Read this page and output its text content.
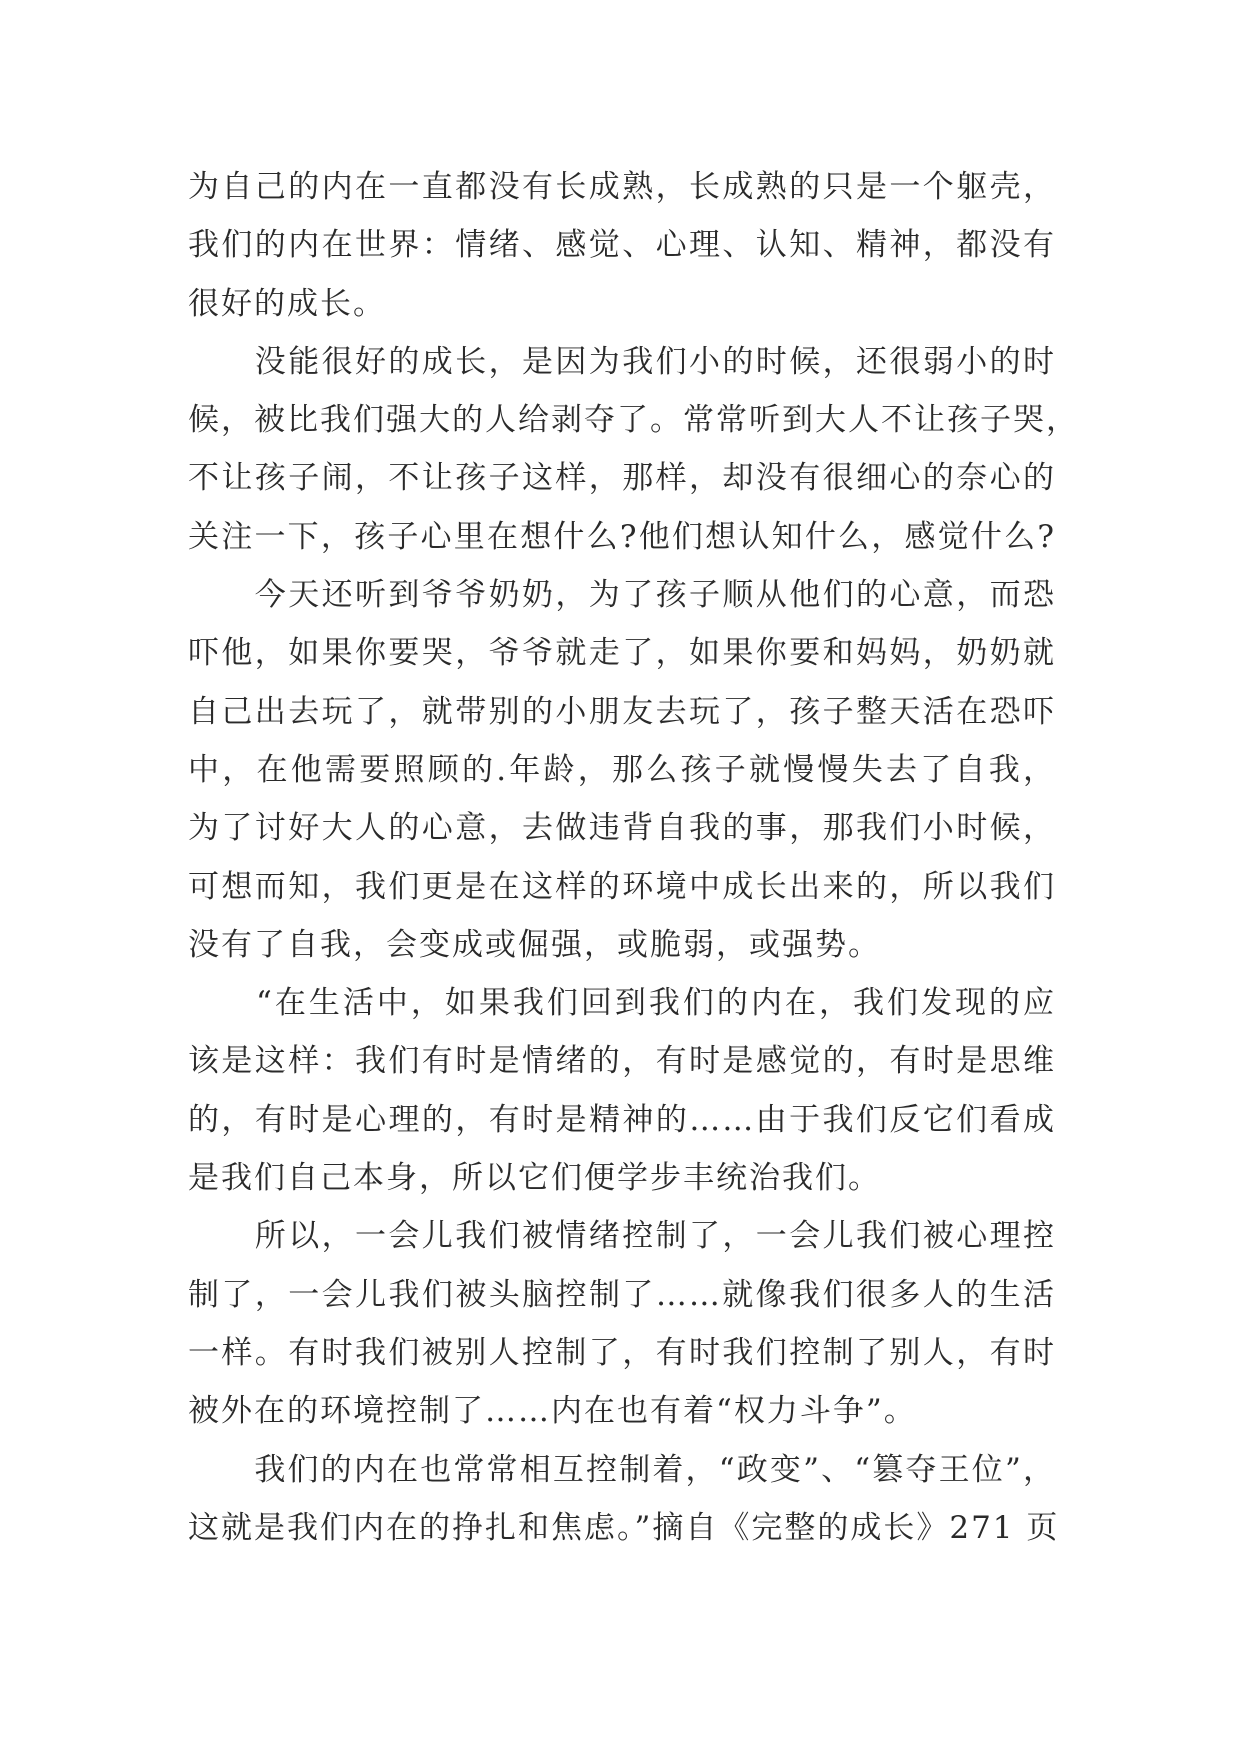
为自己的内在一直都没有长成熟，长成熟的只是一个躯壳，
我们的内在世界：情绪、感觉、心理、认知、精神，都没有
很好的成长。
　　没能很好的成长，是因为我们小的时候，还很弱小的时
候，被比我们强大的人给剥夺了。常常听到大人不让孩子哭，
不让孩子闹，不让孩子这样，那样，却没有很细心的奈心的
关注一下，孩子心里在想什么?他们想认知什么，感觉什么?
　　今天还听到爷爷奶奶，为了孩子顺从他们的心意，而恐
吓他，如果你要哭，爷爷就走了，如果你要和妈妈，奶奶就
自己出去玩了，就带别的小朋友去玩了，孩子整天活在恐吓
中，在他需要照顾的.年龄，那么孩子就慢慢失去了自我，
为了讨好大人的心意，去做违背自我的事，那我们小时候，
可想而知，我们更是在这样的环境中成长出来的，所以我们
没有了自我，会变成或倔强，或脆弱，或强势。
　　“在生活中，如果我们回到我们的内在，我们发现的应
该是这样：我们有时是情绪的，有时是感觉的，有时是思维
的，有时是心理的，有时是精神的……由于我们反它们看成
是我们自己本身，所以它们便学步丰统治我们。
　　所以，一会儿我们被情绪控制了，一会儿我们被心理控
制了，一会儿我们被头脑控制了……就像我们很多人的生活
一样。有时我们被别人控制了，有时我们控制了别人，有时
被外在的环境控制了……内在也有着“权力斗争”。
　　我们的内在也常常相互控制着，“政变”、“篡夺王位”，
这就是我们内在的挣扎和焦虑。”摘自《完整的成长》271 页
